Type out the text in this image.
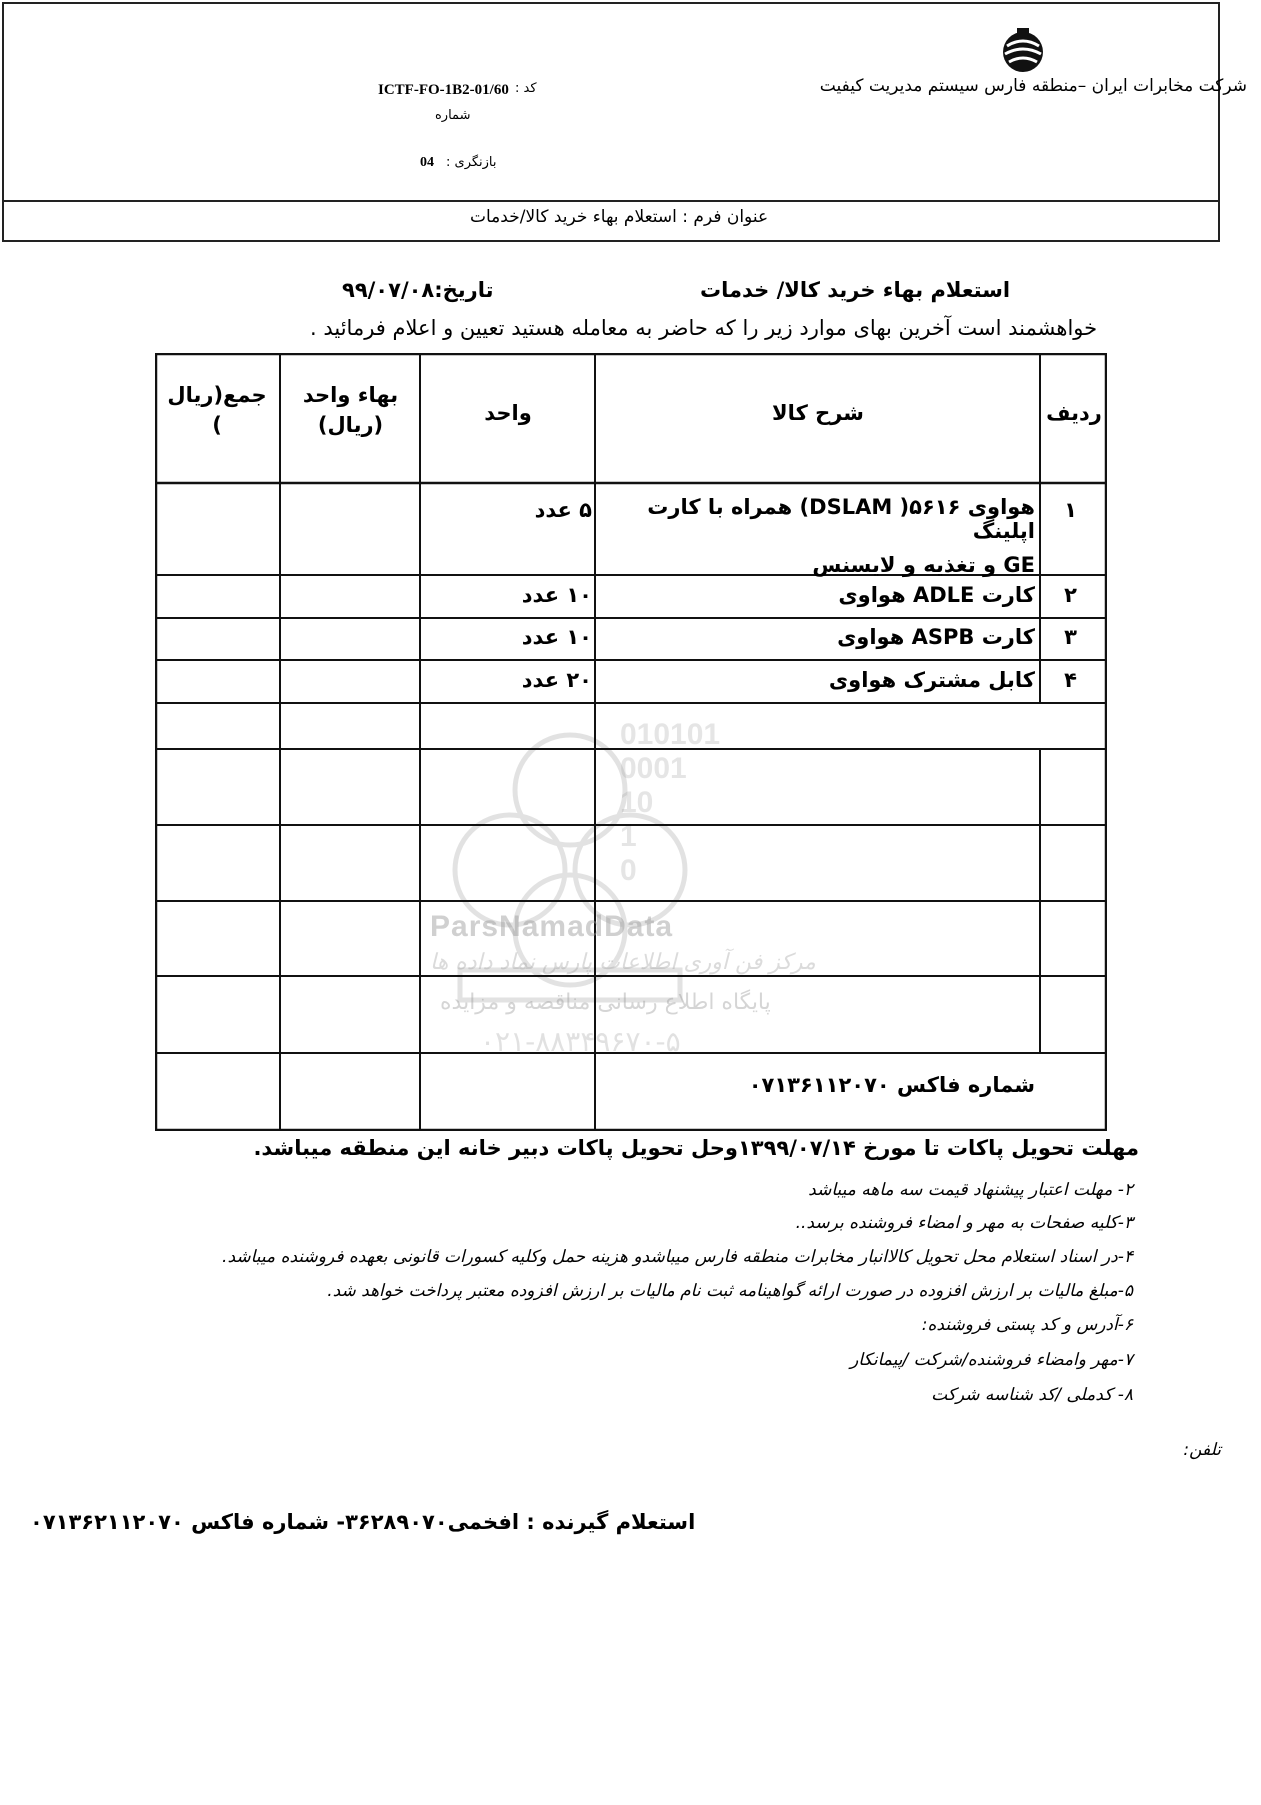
شرکت مخابرات ایران –منطقه فارس سیستم مدیریت کیفیت
ICTF-FO-1B2-01/60 کد :
شماره
بازنگری :
04
عنوان فرم : استعلام بهاء خرید کالا/خدمات
استعلام بهاء خرید کالا/ خدمات
تاریخ:۹۹/۰۷/۰۸
خواهشمند است آخرین بهای موارد زیر را که حاضر به معامله هستید تعیین و اعلام فرمائید .
010101
0001
10
1
0
ردیف
شرح کالا
واحد
بهاء واحد
(ریال)
جمع(ریال
)
۱
هواوی ۵۶۱۶( DSLAM) همراه با کارت اپلینگ
GE و تغذیه و لایسنس
۵ عدد
۲
کارت ADLE هواوی
۱۰ عدد
۳
کارت ASPB هواوی
۱۰ عدد
۴
کابل مشترک هواوی
۲۰ عدد
شماره فاکس ۰۷۱۳۶۱۱۲۰۷۰
ParsNamadData
مرکز فن آوری اطلاعات پارس نماد داده ها
پایگاه اطلاع رسانی مناقصه و مزایده
۰۲۱-۸۸۳۴۹۶۷۰-۵
مهلت تحویل پاکات تا مورخ ۱۳۹۹/۰۷/۱۴وحل تحویل پاکات دبیر خانه این منطقه میباشد.
۲- مهلت اعتبار پیشنهاد قیمت سه ماهه میباشد
۳-کلیه صفحات به مهر و امضاء فروشنده برسد..
۴-در اسناد استعلام محل تحویل کالاانبار مخابرات منطقه فارس میباشدو هزینه حمل وکلیه کسورات قانونی بعهده فروشنده میباشد.
۵-مبلغ مالیات بر ارزش افزوده در صورت ارائه گواهینامه ثبت نام مالیات بر ارزش افزوده معتبر پرداخت خواهد شد.
۶-آدرس و کد پستی فروشنده:
۷-مهر وامضاء فروشنده/شرکت /پیمانکار
۸- کدملی /کد شناسه شرکت
تلفن:
استعلام گیرنده : افخمی۳۶۲۸۹۰۷۰- شماره فاکس ۰۷۱۳۶۲۱۱۲۰۷۰
